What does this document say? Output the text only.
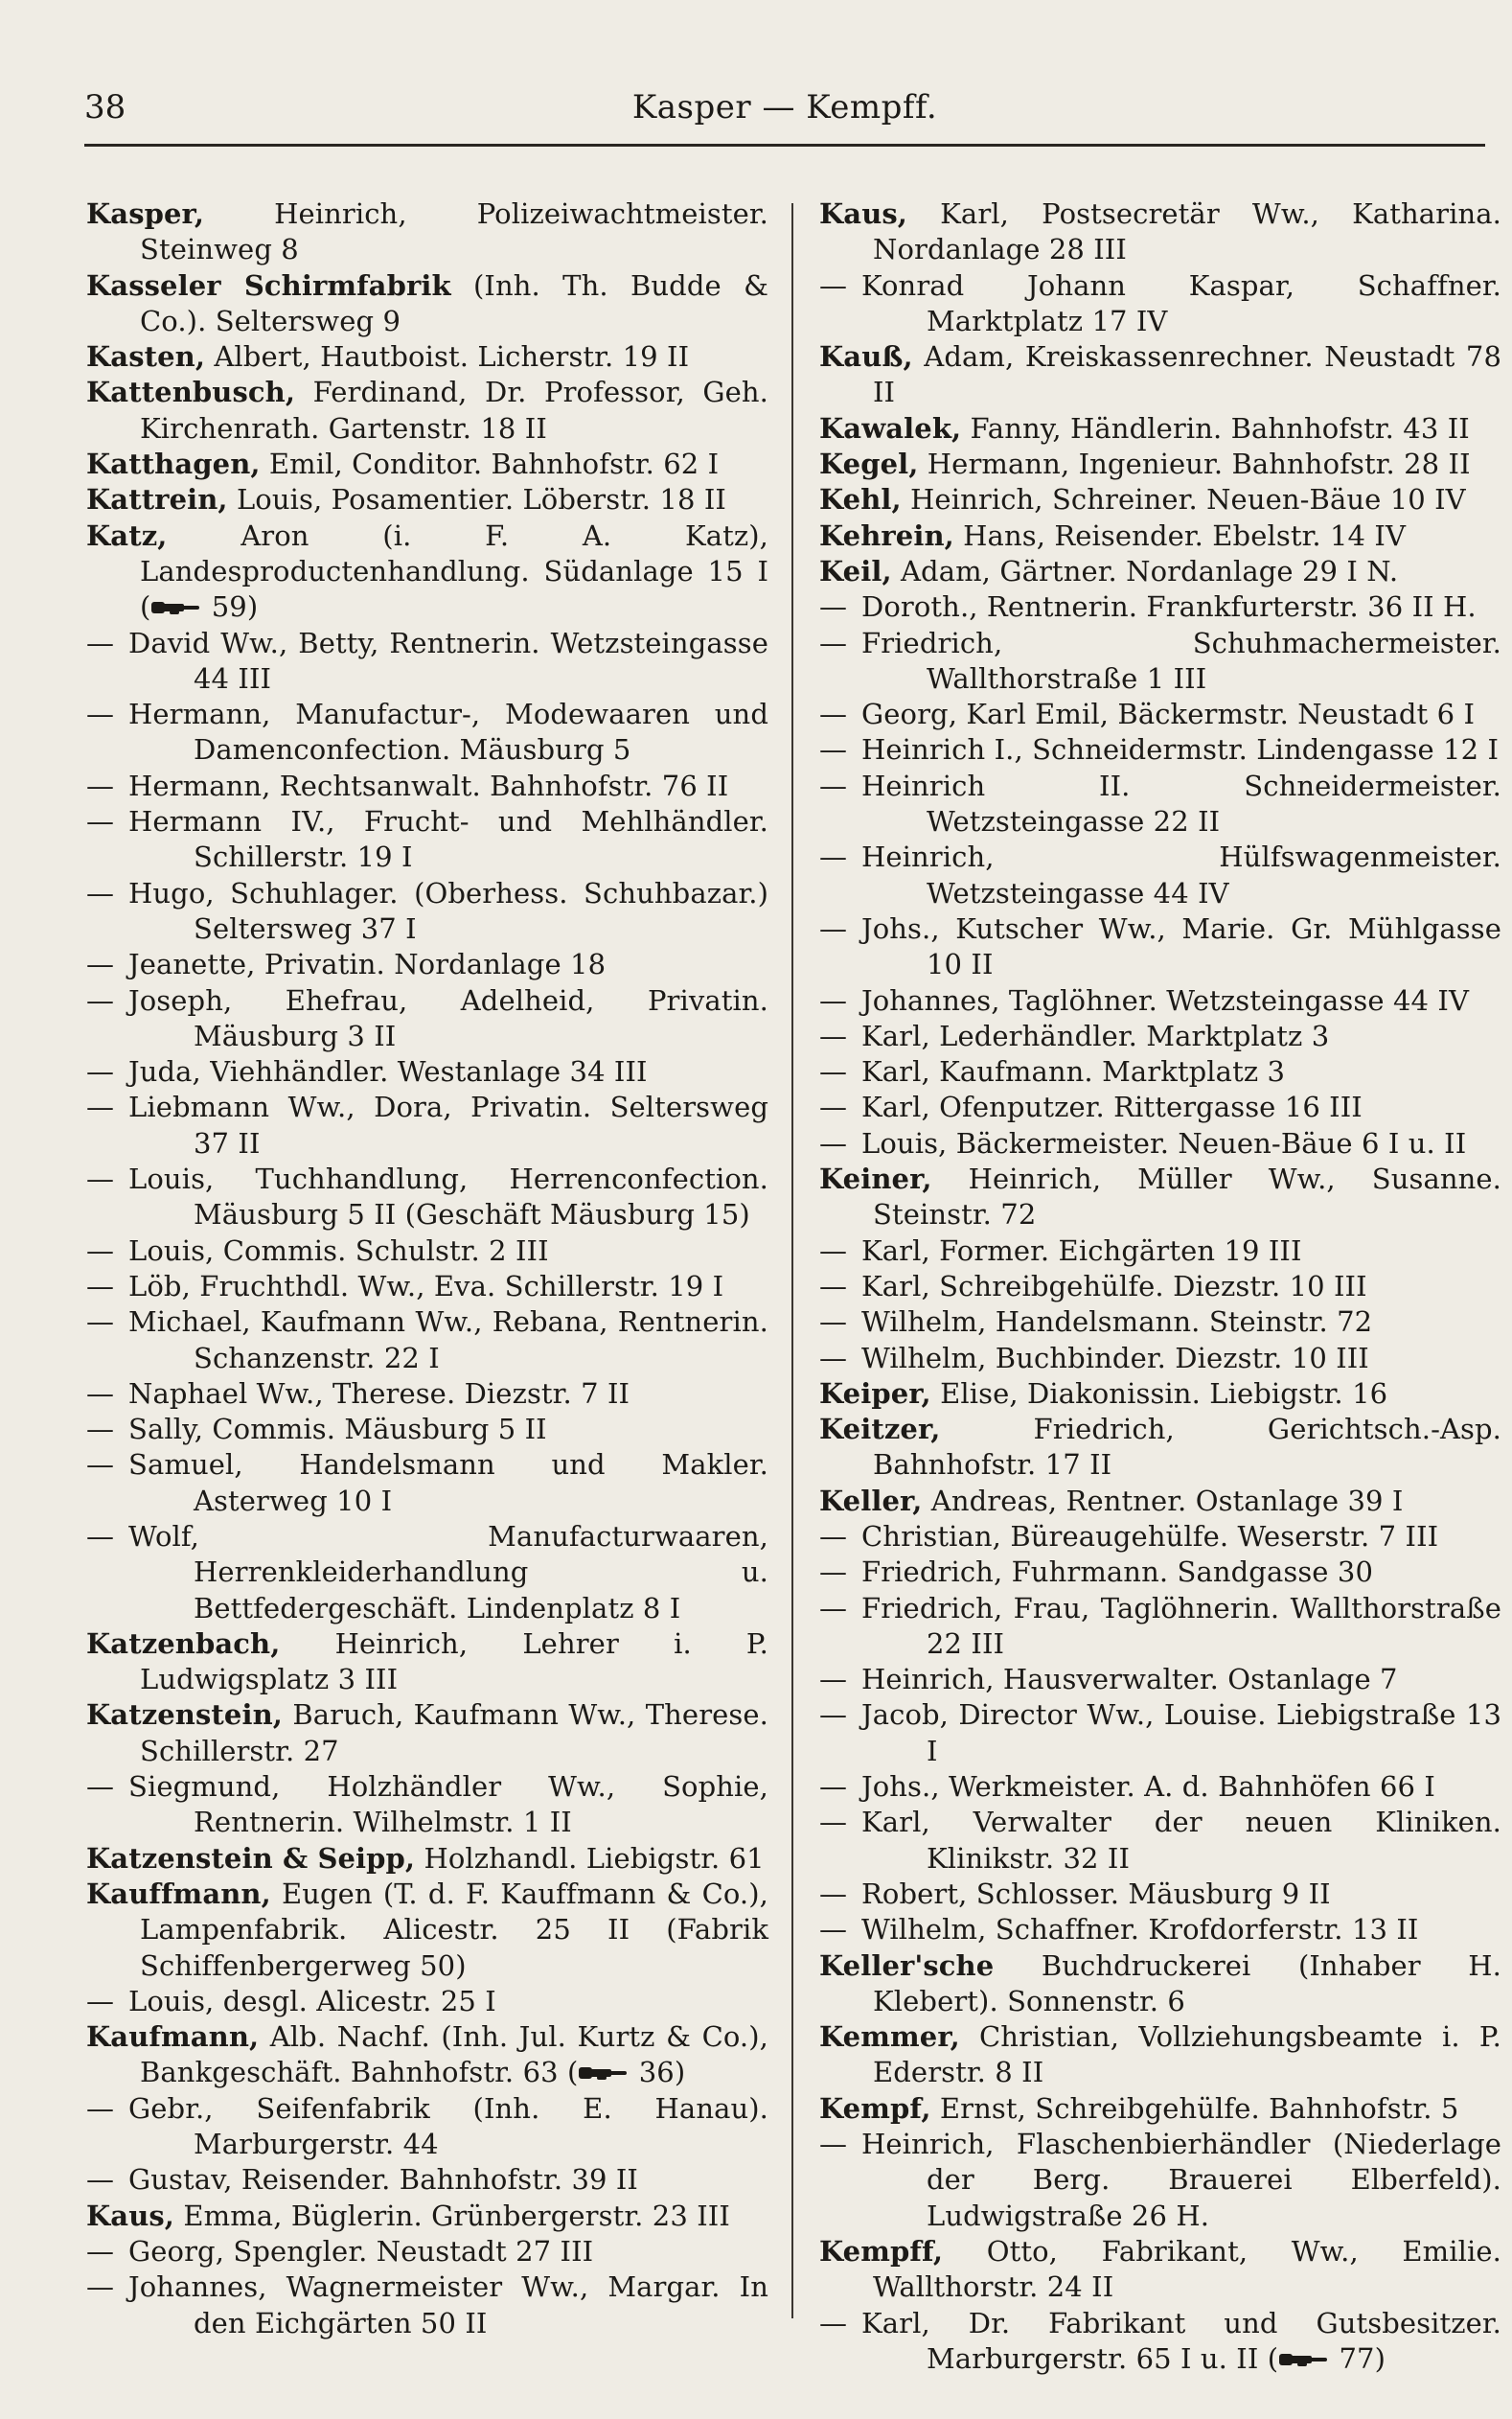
38	Kasper — Kempff.
Kasper,	Heinrich, Polizeiwachtmeister. Steinweg 8
Kasseler Schirmfabrik (Inh. Th. Budde & Co.). Seltersweg 9
Kasten, Albert, Hautboist. Licherstr. 19 II
Kattenbusch, Ferdinand, Dr. Professor, Geh. Kirchenrath. Gartenstr. 18 II
Katthagen, Emil, Conditor. Bahnhofstr. 62 I
Kattrein, Louis, Posamentier. Löberstr. 18 II
Katz,	Aron (i. F. A. Katz), Landesproductenhandlung. Südanlage 15 I ( 59)
— David Ww., Betty, Rentnerin. Wetzsteingasse 44 III
— Hermann, Manufactur-, Modewaaren und Damenconfection. Mäusburg 5
— Hermann, Rechtsanwalt. Bahnhofstr. 76 II
— Hermann IV., Frucht- und Mehlhändler. Schillerstr. 19 I
— Hugo, Schuhlager. (Oberhess. Schuhbazar.) Seltersweg 37 I
— Jeanette, Privatin. Nordanlage 18
— Joseph, Ehefrau, Adelheid, Privatin. Mäusburg 3 II
— Juda, Viehhändler. Westanlage 34 III
— Liebmann Ww., Dora, Privatin. Seltersweg 37 II
— Louis, Tuchhandlung, Herrenconfection. Mäusburg 5 II (Geschäft Mäusburg 15)
— Louis, Commis. Schulstr. 2 III
— Löb, Fruchthdl. Ww., Eva. Schillerstr. 19 I
— Michael, Kaufmann Ww., Rebana, Rentnerin. Schanzenstr. 22 I
— Naphael Ww., Therese. Diezstr. 7 II
— Sally, Commis. Mäusburg 5 II
— Samuel, Handelsmann und Makler. Asterweg 10 I
— Wolf, Manufacturwaaren, Herrenkleiderhandlung u. Bettfedergeschäft. Lindenplatz 8 I
Katzenbach, Heinrich, Lehrer i. P. Ludwigsplatz 3 III
Katzenstein, Baruch, Kaufmann Ww., Therese. Schillerstr. 27
— Siegmund, Holzhändler Ww., Sophie, Rentnerin. Wilhelmstr. 1 II
Katzenstein & Seipp, Holzhandl. Liebigstr. 61
Kauffmann, Eugen (T. d. F. Kauffmann & Co.), Lampenfabrik. Alicestr. 25 II (Fabrik Schiffenbergerweg 50)
— Louis, desgl. Alicestr. 25 I
Kaufmann, Alb. Nachf. (Inh. Jul. Kurtz & Co.), Bankgeschäft. Bahnhofstr. 63 ( 36)
— Gebr., Seifenfabrik (Inh. E. Hanau). Marburgerstr. 44
— Gustav, Reisender. Bahnhofstr. 39 II
Kaus, Emma, Büglerin. Grünbergerstr. 23 III
— Georg, Spengler. Neustadt 27 III
— Johannes, Wagnermeister Ww., Margar. In den Eichgärten 50 II
Kaus, Karl, Postsecretär Ww., Katharina. Nordanlage 28 III
— Konrad Johann Kaspar, Schaffner. Marktplatz 17 IV
Kauß, Adam, Kreiskassenrechner. Neustadt 78 II
Kawalek, Fanny, Händlerin. Bahnhofstr. 43 II
Kegel, Hermann, Ingenieur. Bahnhofstr. 28 II
Kehl, Heinrich, Schreiner. Neuen-Bäue 10 IV
Kehrein, Hans, Reisender. Ebelstr. 14 IV
Keil, Adam, Gärtner. Nordanlage 29 I N.
— Doroth., Rentnerin. Frankfurterstr. 36 II H.
— Friedrich, Schuhmachermeister. Wallthorstraße 1 III
— Georg, Karl Emil, Bäckermstr. Neustadt 6 I
— Heinrich I., Schneidermstr. Lindengasse 12 I
— Heinrich II. Schneidermeister. Wetzsteingasse 22 II
— Heinrich, Hülfswagenmeister. Wetzsteingasse 44 IV
— Johs., Kutscher Ww., Marie. Gr. Mühlgasse 10 II
— Johannes, Taglöhner. Wetzsteingasse 44 IV
— Karl, Lederhändler. Marktplatz 3
— Karl, Kaufmann. Marktplatz 3
— Karl, Ofenputzer. Rittergasse 16 III
— Louis, Bäckermeister. Neuen-Bäue 6 I u. II
Keiner, Heinrich, Müller Ww., Susanne. Steinstr. 72
— Karl, Former. Eichgärten 19 III
— Karl, Schreibgehülfe. Diezstr. 10 III
— Wilhelm, Handelsmann. Steinstr. 72
— Wilhelm, Buchbinder. Diezstr. 10 III
Keiper, Elise, Diakonissin. Liebigstr. 16
Keitzer,	Friedrich, Gerichtsch.-Asp. Bahnhofstr. 17 II
Keller, Andreas, Rentner. Ostanlage 39 I
— Christian, Büreaugehülfe. Weserstr. 7 III
— Friedrich, Fuhrmann. Sandgasse 30
— Friedrich, Frau, Taglöhnerin. Wallthorstraße 22 III
— Heinrich, Hausverwalter. Ostanlage 7
— Jacob, Director Ww., Louise. Liebigstraße 13 I
— Johs., Werkmeister. A. d. Bahnhöfen 66 I
— Karl, Verwalter der neuen Kliniken. Klinikstr. 32 II
— Robert, Schlosser. Mäusburg 9 II
— Wilhelm, Schaffner. Krofdorferstr. 13 II
Keller'sche Buchdruckerei (Inhaber H. Klebert). Sonnenstr. 6
Kemmer, Christian, Vollziehungsbeamte i. P. Ederstr. 8 II
Kempf, Ernst, Schreibgehülfe. Bahnhofstr. 5
— Heinrich, Flaschenbierhändler (Niederlage der Berg. Brauerei Elberfeld). Ludwigstraße 26 H.
Kempff, Otto, Fabrikant, Ww., Emilie. Wallthorstr. 24 II
— Karl, Dr. Fabrikant und Gutsbesitzer. Marburgerstr. 65 I u. II ( 77)
